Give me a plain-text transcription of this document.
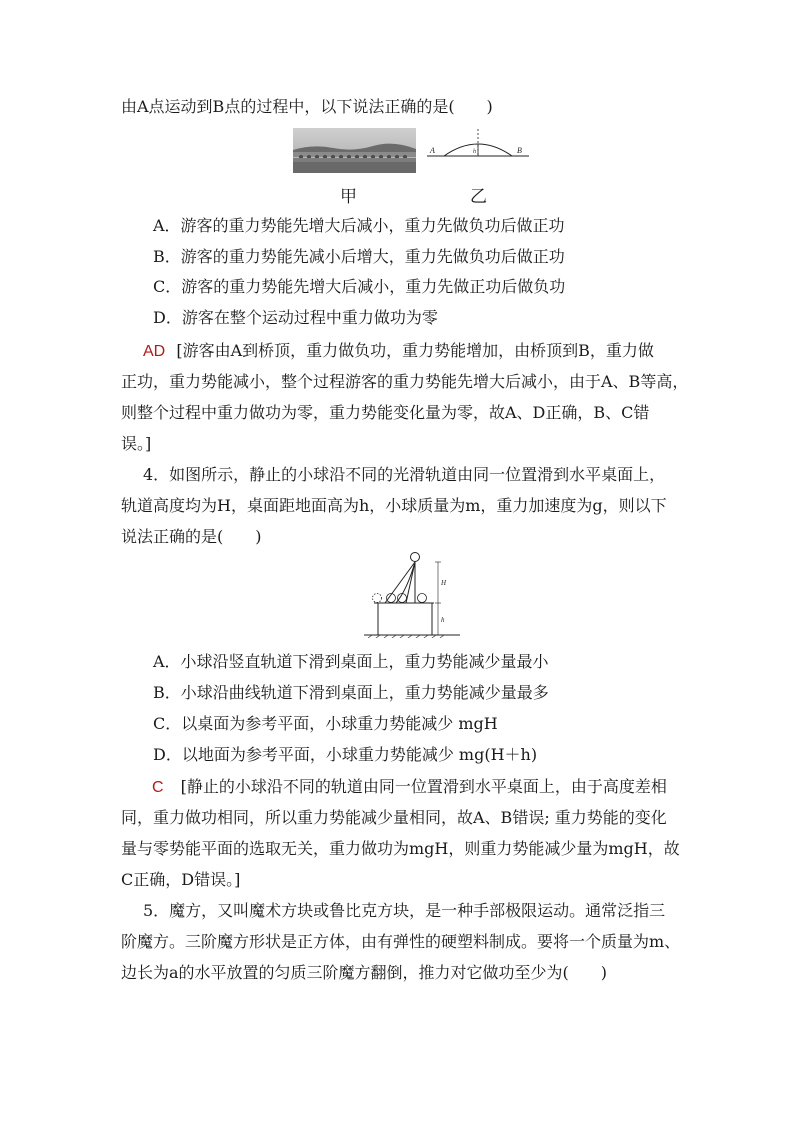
由A点运动到B点的过程中，以下说法正确的是(　　)
A	B
h
甲	乙
A．游客的重力势能先增大后减小，重力先做负功后做正功
B．游客的重力势能先减小后增大，重力先做负功后做正功
C．游客的重力势能先增大后减小，重力先做正功后做负功
D．游客在整个运动过程中重力做功为零
AD [游客由A到桥顶，重力做负功，重力势能增加，由桥顶到B，重力做
正功，重力势能减小，整个过程游客的重力势能先增大后减小，由于A、B等高，
则整个过程中重力做功为零，重力势能变化量为零，故A、D正确，B、C错
误。]
4．如图所示，静止的小球沿不同的光滑轨道由同一位置滑到水平桌面上，
轨道高度均为H，桌面距地面高为h，小球质量为m，重力加速度为g，则以下
说法正确的是(　　)
H
h
A．小球沿竖直轨道下滑到桌面上，重力势能减少量最小
B．小球沿曲线轨道下滑到桌面上，重力势能减少量最多
C．以桌面为参考平面，小球重力势能减少 mgH
D．以地面为参考平面，小球重力势能减少 mg(H＋h)
C [静止的小球沿不同的轨道由同一位置滑到水平桌面上，由于高度差相
同，重力做功相同，所以重力势能减少量相同，故A、B错误; 重力势能的变化
量与零势能平面的选取无关，重力做功为mgH，则重力势能减少量为mgH，故
C正确，D错误。]
5．魔方，又叫魔术方块或鲁比克方块，是一种手部极限运动。通常泛指三
阶魔方。三阶魔方形状是正方体，由有弹性的硬塑料制成。要将一个质量为m、
边长为a的水平放置的匀质三阶魔方翻倒，推力对它做功至少为(　　)
